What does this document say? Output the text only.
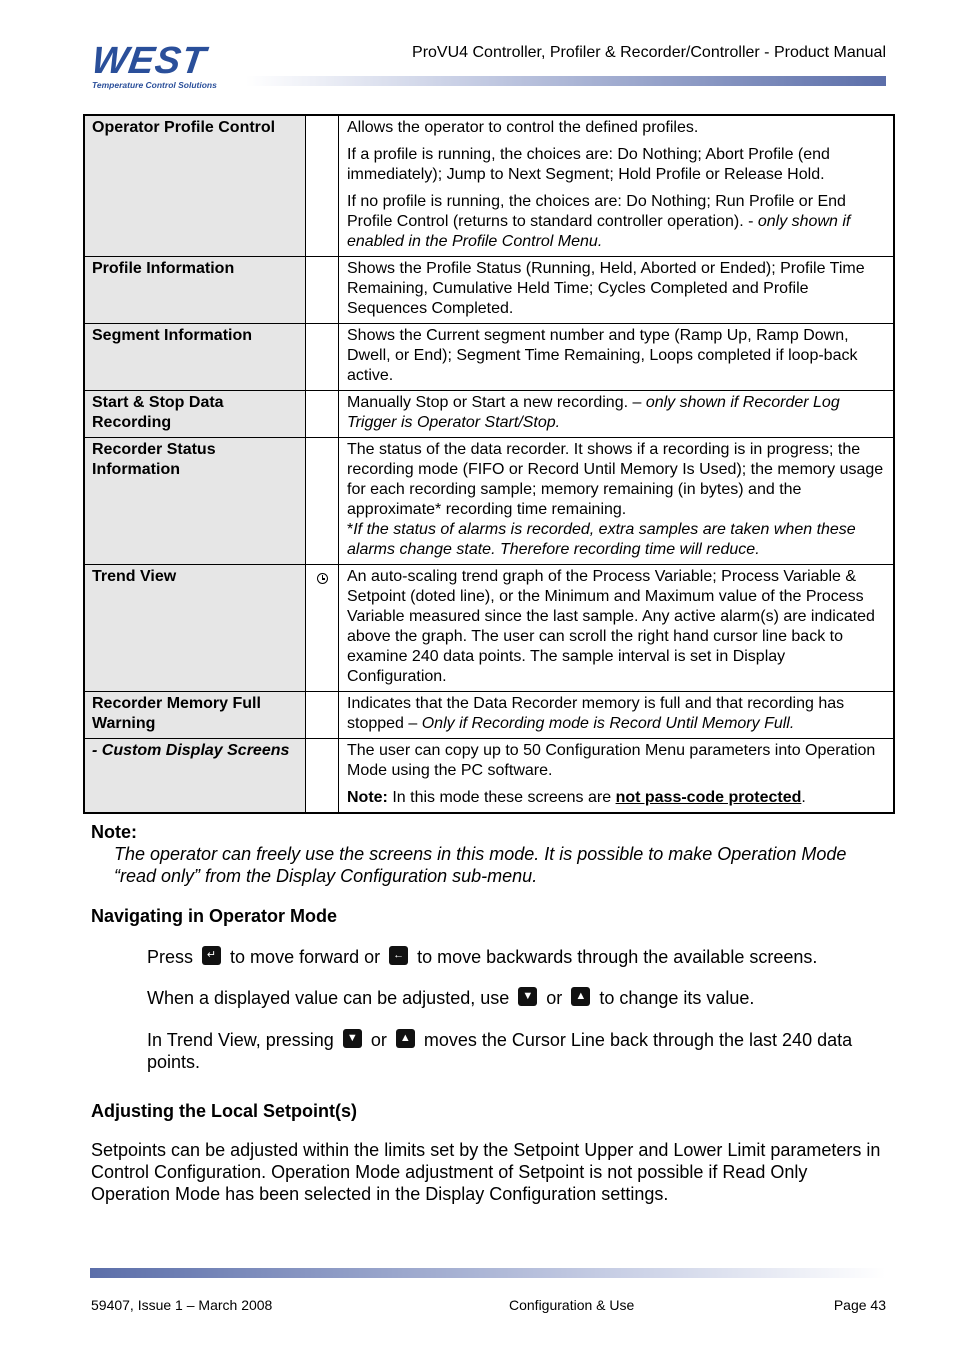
WEST
Temperature Control Solutions
ProVU4 Controller, Profiler & Recorder/Controller - Product Manual
Operator Profile Control		Allows the operator to control the defined profiles.

If a profile is running, the choices are: Do Nothing; Abort Profile (end immediately); Jump to Next Segment; Hold Profile or Release Hold.

If no profile is running, the choices are: Do Nothing; Run Profile or End Profile Control (returns to standard controller operation). - only shown if enabled in the Profile Control Menu.

Profile Information		Shows the Profile Status (Running, Held, Aborted or Ended); Profile Time Remaining, Cumulative Held Time; Cycles Completed and Profile Sequences Completed.
Segment Information		Shows the Current segment number and type (Ramp Up, Ramp Down, Dwell, or End); Segment Time Remaining, Loops completed if loop-back active.
Start & Stop Data Recording		Manually Stop or Start a new recording. – only shown if Recorder Log Trigger is Operator Start/Stop.
Recorder Status Information		The status of the data recorder. It shows if a recording is in progress; the recording mode (FIFO or Record Until Memory Is Used); the memory usage for each recording sample; memory remaining (in bytes) and the approximate* recording time remaining.
*If the status of alarms is recorded, extra samples are taken when these alarms change state. Therefore recording time will reduce.
Trend View		An auto-scaling trend graph of the Process Variable; Process Variable & Setpoint (doted line), or the Minimum and Maximum value of the Process Variable measured since the last sample. Any active alarm(s) are indicated above the graph. The user can scroll the right hand cursor line back to examine 240 data points. The sample interval is set in Display Configuration.
Recorder Memory Full Warning		Indicates that the Data Recorder memory is full and that recording has stopped – Only if Recording mode is Record Until Memory Full.
- Custom Display Screens		The user can copy up to 50 Configuration Menu parameters into Operation Mode using the PC software.

Note: In this mode these screens are not pass-code protected.

Note:
The operator can freely use the screens in this mode. It is possible to make Operation Mode “read only” from the Display Configuration sub-menu.
Navigating in Operator Mode
Press	↵ to move forward or	← to move backwards through the available screens.
When a displayed value can be adjusted, use	▼ or	▲ to change its value.
In Trend View, pressing	▼ or	▲ moves the Cursor Line back through the last 240 data points.
Adjusting the Local Setpoint(s)
Setpoints can be adjusted within the limits set by the Setpoint Upper and Lower Limit parameters in Control Configuration. Operation Mode adjustment of Setpoint is not possible if Read Only Operation Mode has been selected in the Display Configuration settings.
59407, Issue 1 – March 2008	Configuration & Use	Page 43
